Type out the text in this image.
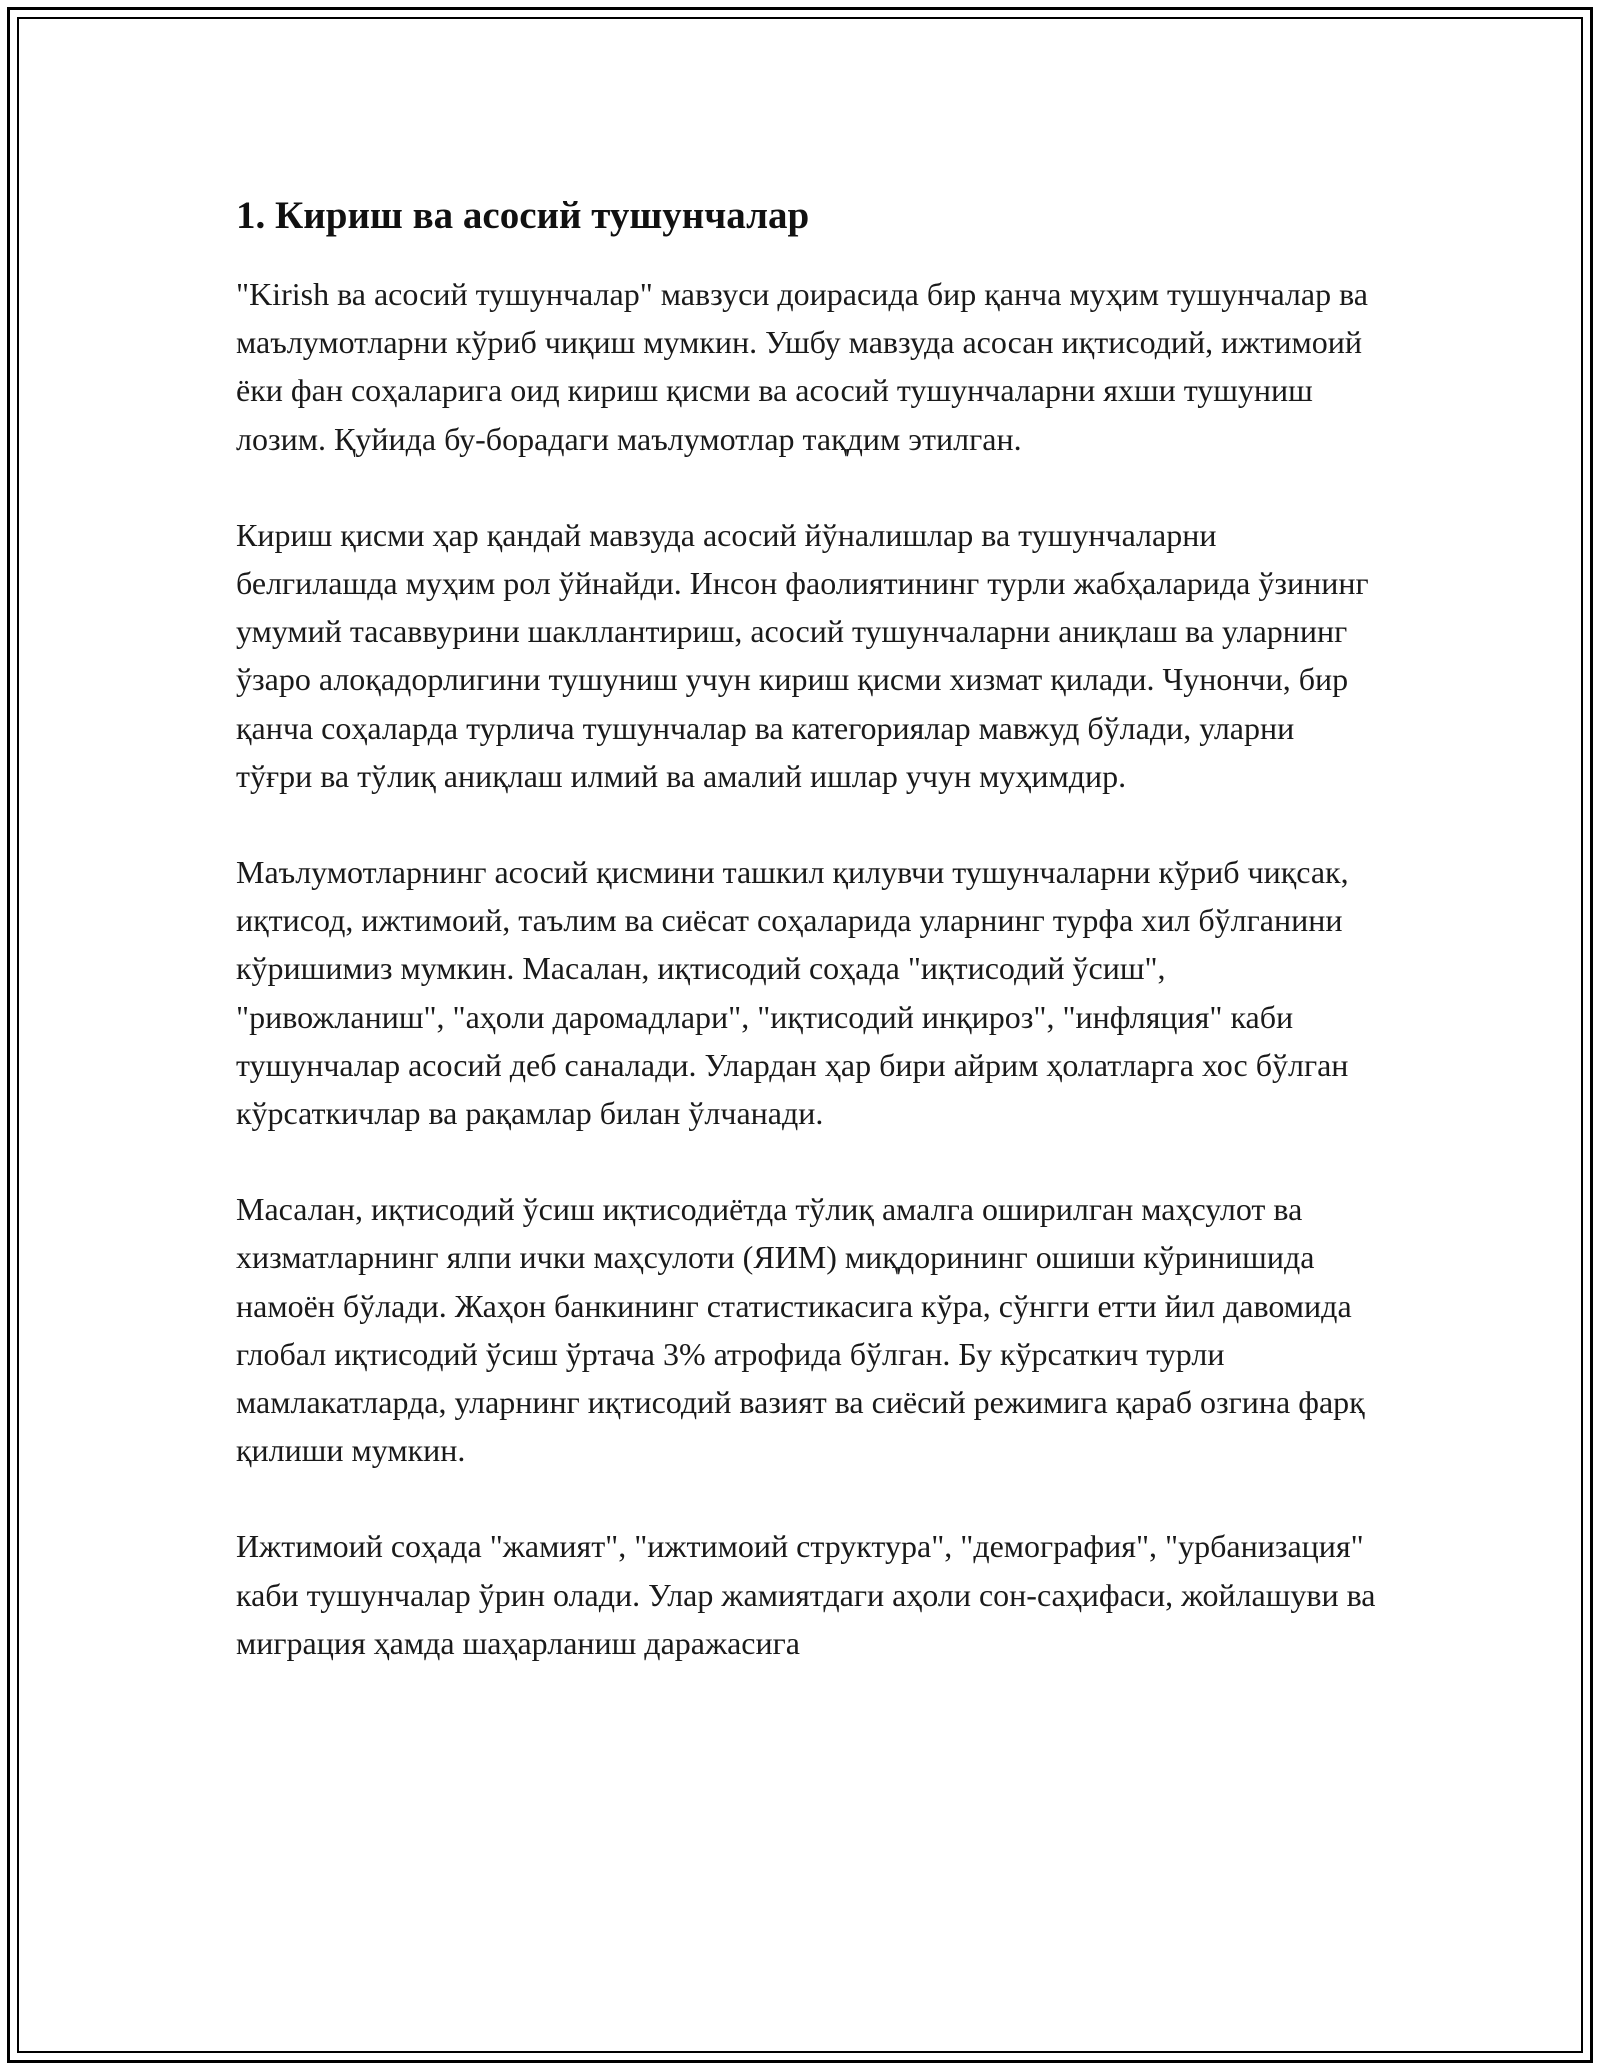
1. Кириш ва асосий тушунчалар

"Kirish ва асосий тушунчалар" мавзуси доирасида бир қанча муҳим тушунчалар ва маълумотларни кўриб чиқиш мумкин. Ушбу мавзуда асосан иқтисодий, ижтимоий ёки фан соҳаларига оид кириш қисми ва асосий тушунчаларни яхши тушуниш лозим. Қуйида бу-борадаги маълумотлар тақдим этилган.

Кириш қисми ҳар қандай мавзуда асосий йўналишлар ва тушунчаларни белгилашда муҳим рол ўйнайди. Инсон фаолиятининг турли жабҳаларида ўзининг умумий тасаввурини шакллантириш, асосий тушунчаларни аниқлаш ва уларнинг ўзаро алоқадорлигини тушуниш учун кириш қисми хизмат қилади. Чунончи, бир қанча соҳаларда турлича тушунчалар ва категориялар мавжуд бўлади, уларни тўғри ва тўлиқ аниқлаш илмий ва амалий ишлар учун муҳимдир.

Маълумотларнинг асосий қисмини ташкил қилувчи тушунчаларни кўриб чиқсак, иқтисод, ижтимоий, таълим ва сиёсат соҳаларида уларнинг турфа хил бўлганини кўришимиз мумкин. Масалан, иқтисодий соҳада "иқтисодий ўсиш", "ривожланиш", "аҳоли даромадлари", "иқтисодий инқироз", "инфляция" каби тушунчалар асосий деб саналади. Улардан ҳар бири айрим ҳолатларга хос бўлган кўрсаткичлар ва рақамлар билан ўлчанади.

Масалан, иқтисодий ўсиш иқтисодиётда тўлиқ амалга оширилган маҳсулот ва хизматларнинг ялпи ички маҳсулоти (ЯИМ) миқдорининг ошиши кўринишида намоён бўлади. Жаҳон банкининг статистикасига кўра, сўнгги етти йил давомида глобал иқтисодий ўсиш ўртача 3% атрофида бўлган. Бу кўрсаткич турли мамлакатларда, уларнинг иқтисодий вазият ва сиёсий режимига қараб озгина фарқ қилиши мумкин.

Ижтимоий соҳада "жамият", "ижтимоий структура", "демография", "урбанизация" каби тушунчалар ўрин олади. Улар жамиятдаги аҳоли сон-саҳифаси, жойлашуви ва миграция ҳамда шаҳарланиш даражасига
